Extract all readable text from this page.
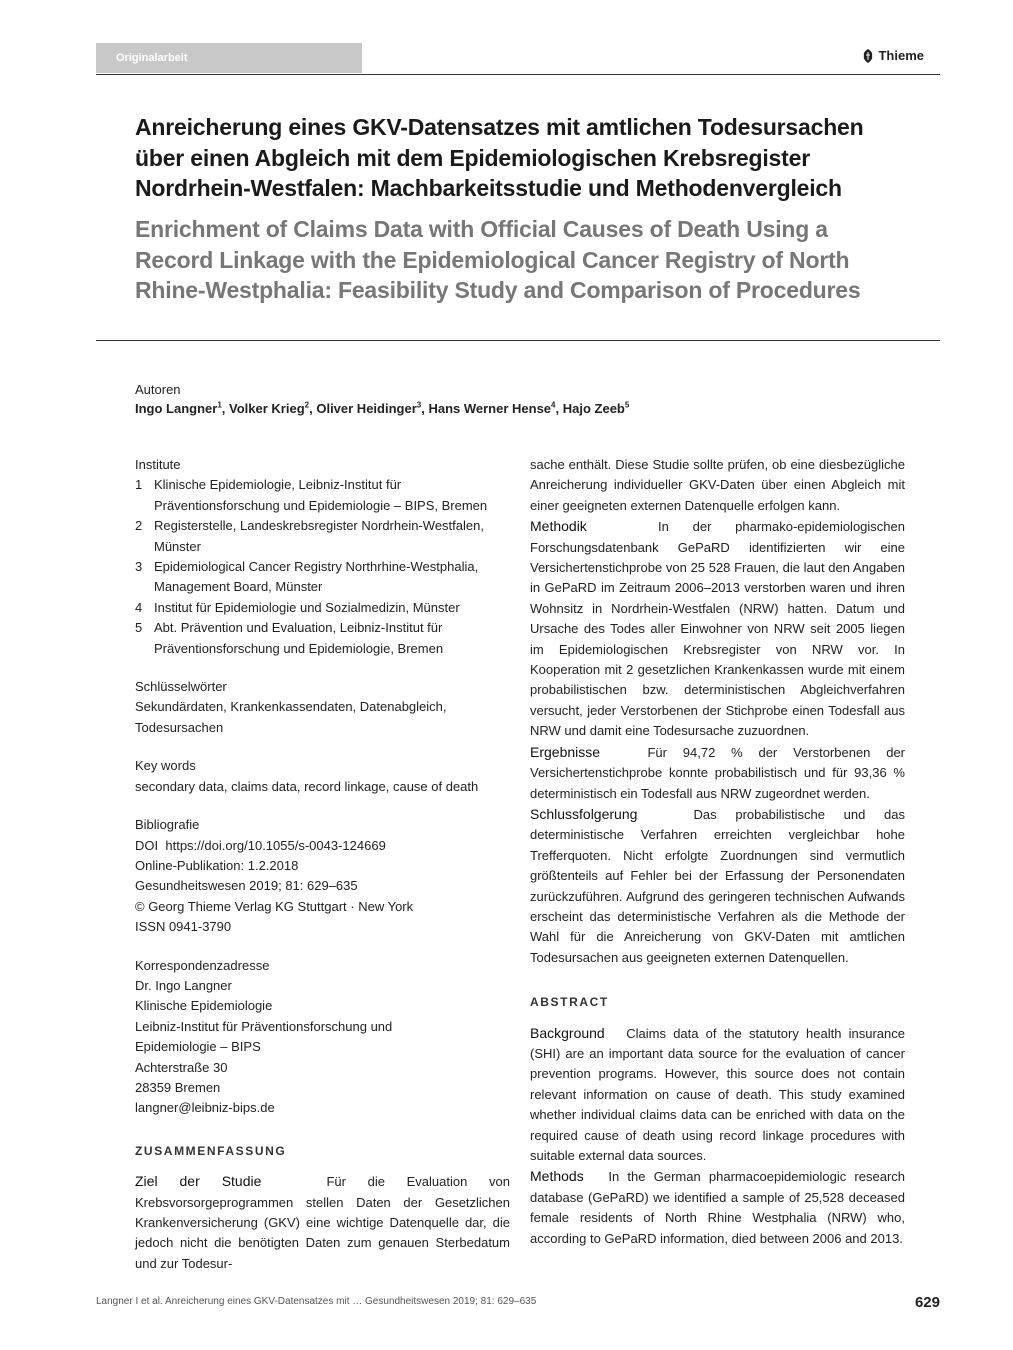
Originalarbeit	Thieme
Anreicherung eines GKV-Datensatzes mit amtlichen Todesursachen
über einen Abgleich mit dem Epidemiologischen Krebsregister
Nordrhein-Westfalen: Machbarkeitsstudie und Methodenvergleich
Enrichment of Claims Data with Official Causes of Death Using a
Record Linkage with the Epidemiological Cancer Registry of North
Rhine-Westphalia: Feasibility Study and Comparison of Procedures
Autoren
Ingo Langner$^1$, Volker Krieg$^2$, Oliver Heidinger$^3$, Hans Werner Hense$^4$, Hajo Zeeb$^5$
Institute
1 Klinische Epidemiologie, Leibniz-Institut für Präventionsforschung und Epidemiologie – BIPS, Bremen
2 Registerstelle, Landeskrebsregister Nordrhein-Westfalen, Münster
3 Epidemiological Cancer Registry Northrhine-Westphalia, Management Board, Münster
4 Institut für Epidemiologie und Sozialmedizin, Münster
5 Abt. Prävention und Evaluation, Leibniz-Institut für Präventionsforschung und Epidemiologie, Bremen
Schlüsselwörter
Sekundärdaten, Krankenkassendaten, Datenabgleich, Todesursachen
Key words
secondary data, claims data, record linkage, cause of death
Bibliografie
DOI https://doi.org/10.1055/s-0043-124669
Online-Publikation: 1.2.2018
Gesundheitswesen 2019; 81: 629–635
© Georg Thieme Verlag KG Stuttgart · New York
ISSN 0941-3790
Korrespondenzadresse
Dr. Ingo Langner
Klinische Epidemiologie
Leibniz-Institut für Präventionsforschung und
Epidemiologie – BIPS
Achterstraße 30
28359 Bremen
langner@leibniz-bips.de
ZUSAMMENFASSUNG
Ziel der Studie	Für die Evaluation von Krebsvorsorgeprogrammen stellen Daten der Gesetzlichen Krankenversicherung (GKV) eine wichtige Datenquelle dar, die jedoch nicht die benötigten Daten zum genauen Sterbedatum und zur Todesur-
sache enthält. Diese Studie sollte prüfen, ob eine diesbezügliche Anreicherung individueller GKV-Daten über einen Abgleich mit einer geeigneten externen Datenquelle erfolgen kann.
Methodik	In der pharmako-epidemiologischen Forschungsdatenbank GePaRD identifizierten wir eine Versichertenstichprobe von 25 528 Frauen, die laut den Angaben in GePaRD im Zeitraum 2006–2013 verstorben waren und ihren Wohnsitz in Nordrhein-Westfalen (NRW) hatten. Datum und Ursache des Todes aller Einwohner von NRW seit 2005 liegen im Epidemiologischen Krebsregister von NRW vor. In Kooperation mit 2 gesetzlichen Krankenkassen wurde mit einem probabilistischen bzw. deterministischen Abgleichverfahren versucht, jeder Verstorbenen der Stichprobe einen Todesfall aus NRW und damit eine Todesursache zuzuordnen.
Ergebnisse	Für 94,72 % der Verstorbenen der Versichertenstichprobe konnte probabilistisch und für 93,36 % deterministisch ein Todesfall aus NRW zugeordnet werden.
Schlussfolgerung	Das probabilistische und das deterministische Verfahren erreichten vergleichbar hohe Trefferquoten. Nicht erfolgte Zuordnungen sind vermutlich größtenteils auf Fehler bei der Erfassung der Personendaten zurückzuführen. Aufgrund des geringeren technischen Aufwands erscheint das deterministische Verfahren als die Methode der Wahl für die Anreicherung von GKV-Daten mit amtlichen Todesursachen aus geeigneten externen Datenquellen.
ABSTRACT
Background Claims data of the statutory health insurance (SHI) are an important data source for the evaluation of cancer prevention programs. However, this source does not contain relevant information on cause of death. This study examined whether individual claims data can be enriched with data on the required cause of death using record linkage procedures with suitable external data sources.
Methods In the German pharmacoepidemiologic research database (GePaRD) we identified a sample of 25,528 deceased female residents of North Rhine Westphalia (NRW) who, according to GePaRD information, died between 2006 and 2013.
Langner I et al. Anreicherung eines GKV-Datensatzes mit … Gesundheitswesen 2019; 81: 629–635	629
